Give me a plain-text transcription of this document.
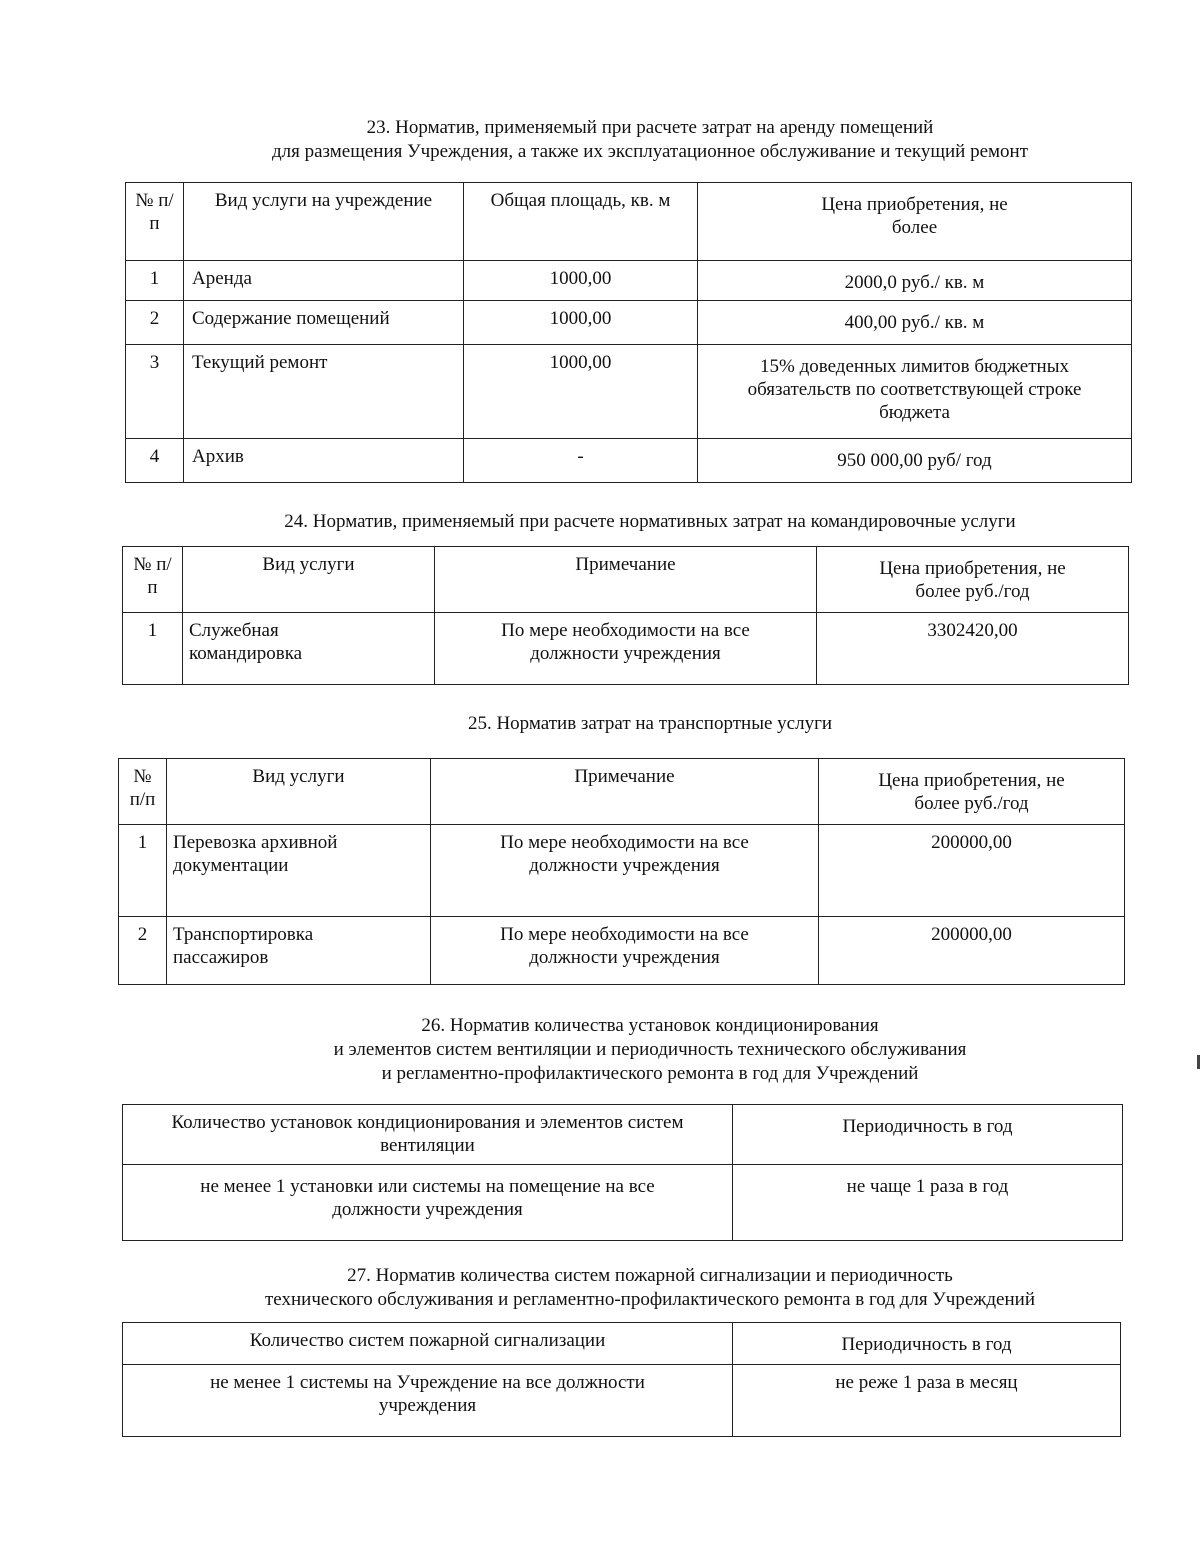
23. Норматив, применяемый при расчете затрат на аренду помещений
для размещения Учреждения, а также их эксплуатационное обслуживание и текущий ремонт
№ п/п	Вид услуги на учреждение	Общая площадь, кв. м	Цена приобретения, не более
1	Аренда	1000,00	2000,0 руб./ кв. м
2	Содержание помещений	1000,00	400,00 руб./ кв. м
3	Текущий ремонт	1000,00	15% доведенных лимитов бюджетных обязательств по соответствующей строке бюджета
4	Архив	-	950 000,00 руб/ год
24. Норматив, применяемый при расчете нормативных затрат на командировочные услуги
№ п/п	Вид услуги	Примечание	Цена приобретения, не более руб./год
1	Служебная командировка	По мере необходимости на все должности учреждения	3302420,00
25. Норматив затрат на транспортные услуги
№ п/п	Вид услуги	Примечание	Цена приобретения, не более руб./год
1	Перевозка архивной документации	По мере необходимости на все должности учреждения	200000,00
2	Транспортировка пассажиров	По мере необходимости на все должности учреждения	200000,00
26. Норматив количества установок кондиционирования
и элементов систем вентиляции и периодичность технического обслуживания
и регламентно-профилактического ремонта в год для Учреждений
Количество установок кондиционирования и элементов систем вентиляции	Периодичность в год
не менее 1 установки или системы на помещение на все должности учреждения	не чаще 1 раза в год
27. Норматив количества систем пожарной сигнализации и периодичность
технического обслуживания и регламентно-профилактического ремонта в год для Учреждений
Количество систем пожарной сигнализации	Периодичность в год
не менее 1 системы на Учреждение на все должности учреждения	не реже 1 раза в месяц
